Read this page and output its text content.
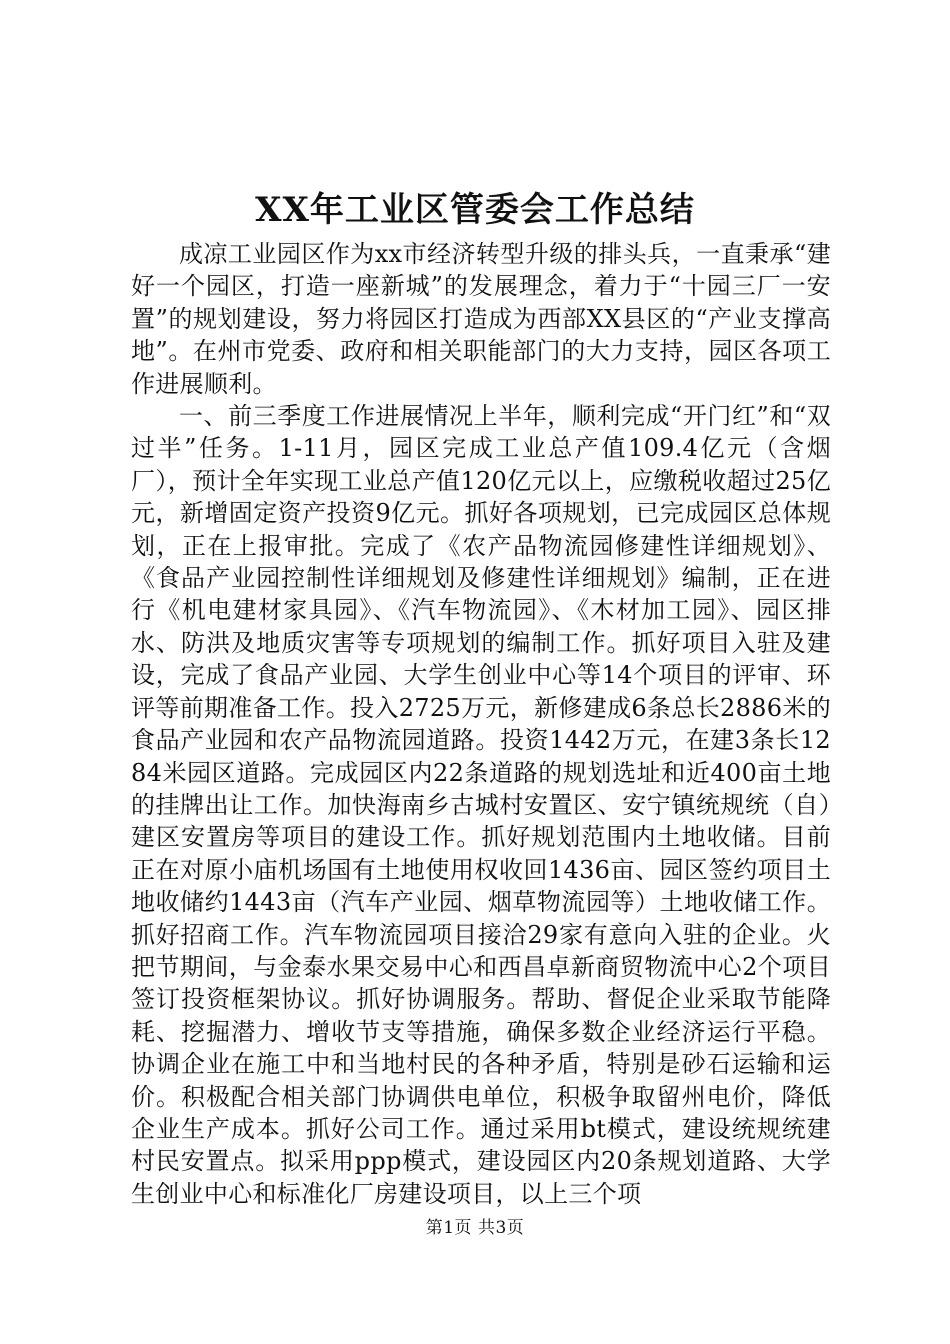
XX年工业区管委会工作总结

成凉工业园区作为xx市经济转型升级的排头兵，一直秉承“建好一个园区，打造一座新城”的发展理念，着力于“十园三厂一安置”的规划建设，努力将园区打造成为西部XX县区的“产业支撑高地”。在州市党委、政府和相关职能部门的大力支持，园区各项工作进展顺利。

一、前三季度工作进展情况上半年，顺利完成“开门红”和“双过半”任务。1-11月，园区完成工业总产值109.4亿元（含烟厂），预计全年实现工业总产值120亿元以上，应缴税收超过25亿元，新增固定资产投资9亿元。抓好各项规划，已完成园区总体规划，正在上报审批。完成了《农产品物流园修建性详细规划》、《食品产业园控制性详细规划及修建性详细规划》编制，正在进行《机电建材家具园》、《汽车物流园》、《木材加工园》、园区排水、防洪及地质灾害等专项规划的编制工作。抓好项目入驻及建设，完成了食品产业园、大学生创业中心等14个项目的评审、环评等前期准备工作。投入2725万元，新修建成6条总长2886米的食品产业园和农产品物流园道路。投资1442万元，在建3条长1284米园区道路。完成园区内22条道路的规划选址和近400亩土地的挂牌出让工作。加快海南乡古城村安置区、安宁镇统规统（自）建区安置房等项目的建设工作。抓好规划范围内土地收储。目前正在对原小庙机场国有土地使用权收回1436亩、园区签约项目土地收储约1443亩（汽车产业园、烟草物流园等）土地收储工作。抓好招商工作。汽车物流园项目接洽29家有意向入驻的企业。火把节期间，与金泰水果交易中心和西昌卓新商贸物流中心2个项目签订投资框架协议。抓好协调服务。帮助、督促企业采取节能降耗、挖掘潜力、增收节支等措施，确保多数企业经济运行平稳。协调企业在施工中和当地村民的各种矛盾，特别是砂石运输和运价。积极配合相关部门协调供电单位，积极争取留州电价，降低企业生产成本。抓好公司工作。通过采用bt模式，建设统规统建村民安置点。拟采用ppp模式，建设园区内20条规划道路、大学生创业中心和标准化厂房建设项目，以上三个项

第1页 共3页
